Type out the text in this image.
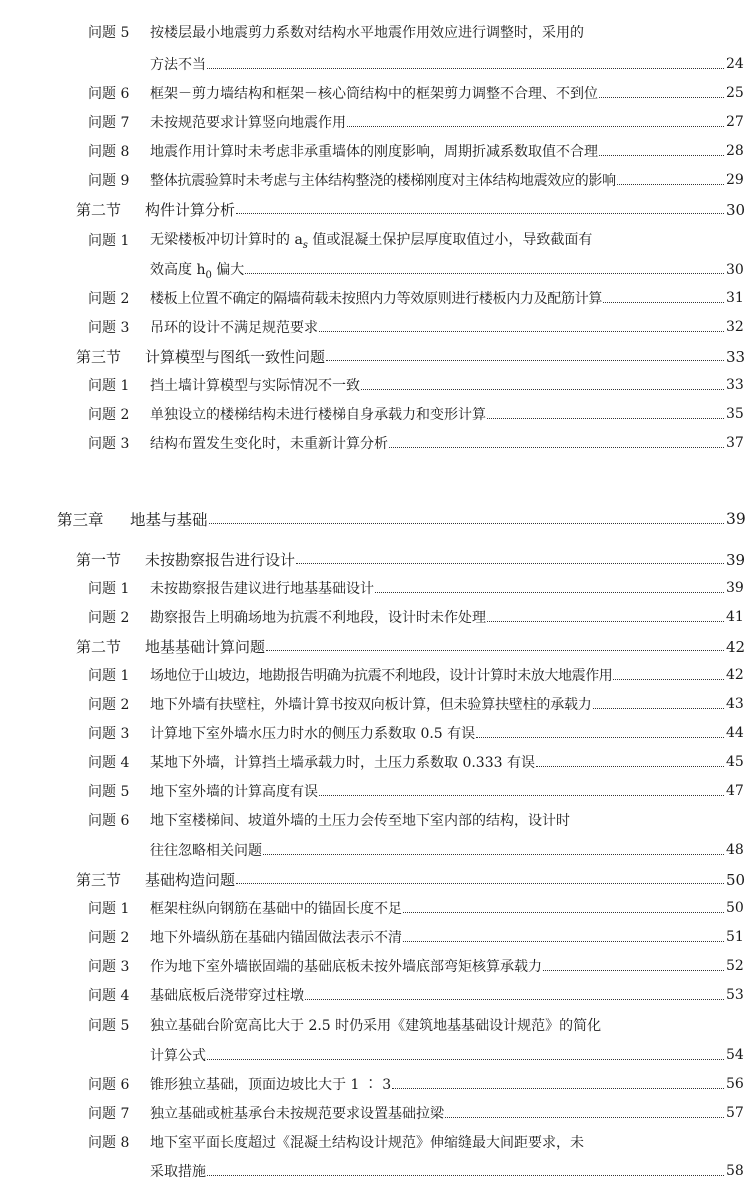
问题 5	按楼层最小地震剪力系数对结构水平地震作用效应进行调整时，采用的
方法不当	24
问题 6	框架－剪力墙结构和框架－核心筒结构中的框架剪力调整不合理、不到位	25
问题 7	未按规范要求计算竖向地震作用	27
问题 8	地震作用计算时未考虑非承重墙体的刚度影响，周期折减系数取值不合理	28
问题 9	整体抗震验算时未考虑与主体结构整浇的楼梯刚度对主体结构地震效应的影响	29
第二节	构件计算分析	30
问题 1	无梁楼板冲切计算时的 $a_s$ 值或混凝土保护层厚度取值过小，导致截面有
效高度 $h_0$ 偏大	30
问题 2	楼板上位置不确定的隔墙荷载未按照内力等效原则进行楼板内力及配筋计算	31
问题 3	吊环的设计不满足规范要求	32
第三节	计算模型与图纸一致性问题	33
问题 1	挡土墙计算模型与实际情况不一致	33
问题 2	单独设立的楼梯结构未进行楼梯自身承载力和变形计算	35
问题 3	结构布置发生变化时，未重新计算分析	37
第三章	地基与基础	39
第一节	未按勘察报告进行设计	39
问题 1	未按勘察报告建议进行地基基础设计	39
问题 2	勘察报告上明确场地为抗震不利地段，设计时未作处理	41
第二节	地基基础计算问题	42
问题 1	场地位于山坡边，地勘报告明确为抗震不利地段，设计计算时未放大地震作用	42
问题 2	地下外墙有扶壁柱，外墙计算书按双向板计算，但未验算扶壁柱的承载力	43
问题 3	计算地下室外墙水压力时水的侧压力系数取 0.5 有误	44
问题 4	某地下外墙，计算挡土墙承载力时，土压力系数取 0.333 有误	45
问题 5	地下室外墙的计算高度有误	47
问题 6	地下室楼梯间、坡道外墙的土压力会传至地下室内部的结构，设计时
往往忽略相关问题	48
第三节	基础构造问题	50
问题 1	框架柱纵向钢筋在基础中的锚固长度不足	50
问题 2	地下外墙纵筋在基础内锚固做法表示不清	51
问题 3	作为地下室外墙嵌固端的基础底板未按外墙底部弯矩核算承载力	52
问题 4	基础底板后浇带穿过柱墩	53
问题 5	独立基础台阶宽高比大于 2.5 时仍采用《建筑地基基础设计规范》的简化
计算公式	54
问题 6	锥形独立基础，顶面边坡比大于 1 ∶ 3	56
问题 7	独立基础或桩基承台未按规范要求设置基础拉梁	57
问题 8	地下室平面长度超过《混凝土结构设计规范》伸缩缝最大间距要求，未
采取措施	58
